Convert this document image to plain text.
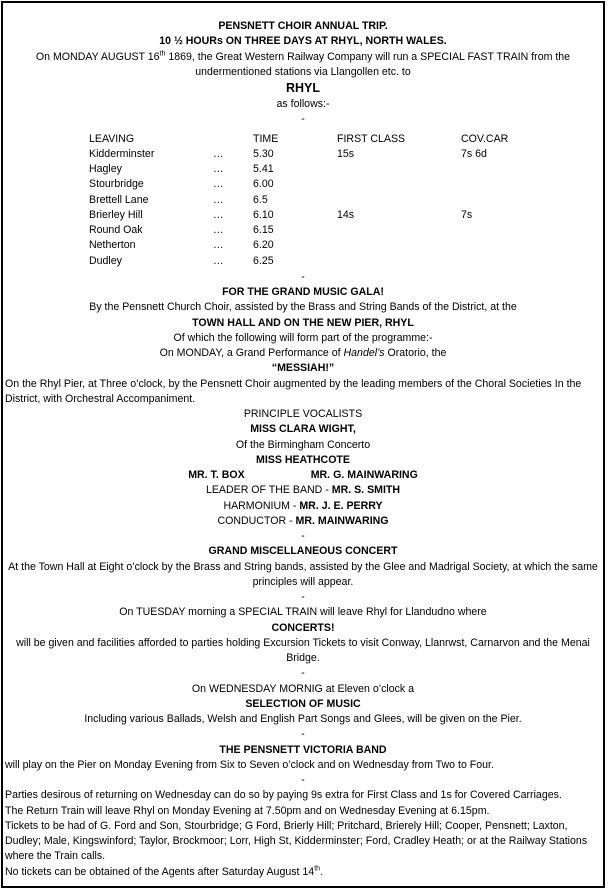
PENSNETT CHOIR ANNUAL TRIP.
10 ½ HOURs ON THREE DAYS AT RHYL, NORTH WALES.
On MONDAY AUGUST 16th 1869, the Great Western Railway Company will run a SPECIAL FAST TRAIN from the undermentioned stations via Llangollen etc. to
RHYL
as follows:-
-
LEAVING		TIME	FIRST CLASS	COV.CAR
Kidderminster	…	5.30	15s	7s 6d
Hagley	…	5.41		
Stourbridge	…	6.00		
Brettell Lane	…	6.5		
Brierley Hill	…	6.10	14s	7s
Round Oak	…	6.15		
Netherton	…	6.20		
Dudley	…	6.25		
-
FOR THE GRAND MUSIC GALA!
By the Pensnett Church Choir, assisted by the Brass and String Bands of the District, at the
TOWN HALL AND ON THE NEW PIER, RHYL
Of which the following will form part of the programme:-
On MONDAY, a Grand Performance of Handel’s Oratorio, the
“MESSIAH!”
On the Rhyl Pier, at Three o’clock, by the Pensnett Choir augmented by the leading members of the Choral Societies In the District, with Orchestral Accompaniment.
PRINCIPLE VOCALISTS
MISS CLARA WIGHT,
Of the Birmingham Concerto
MISS HEATHCOTE
MR. T. BOX	MR. G. MAINWARING
LEADER OF THE BAND - MR. S. SMITH
HARMONIUM - MR. J. E. PERRY
CONDUCTOR - MR. MAINWARING
-
GRAND MISCELLANEOUS CONCERT
At the Town Hall at Eight o’clock by the Brass and String bands, assisted by the Glee and Madrigal Society, at which the same principles will appear.
-
On TUESDAY morning a SPECIAL TRAIN will leave Rhyl for Llandudno where
CONCERTS!
will be given and facilities afforded to parties holding Excursion Tickets to visit Conway, Llanrwst, Carnarvon and the Menai Bridge.
-
On WEDNESDAY MORNIG at Eleven o’clock a
SELECTION OF MUSIC
Including various Ballads, Welsh and English Part Songs and Glees, will be given on the Pier.
-
THE PENSNETT VICTORIA BAND
will play on the Pier on Monday Evening from Six to Seven o’clock and on Wednesday from Two to Four.
-
Parties desirous of returning on Wednesday can do so by paying 9s extra for First Class and 1s for Covered Carriages.
The Return Train will leave Rhyl on Monday Evening at 7.50pm and on Wednesday Evening at 6.15pm.
Tickets to be had of G. Ford and Son, Stourbridge; G Ford, Brierly Hill; Pritchard, Brierely Hill; Cooper, Pensnett; Laxton, Dudley; Male, Kingswinford; Taylor, Brockmoor; Lorr, High St, Kidderminster; Ford, Cradley Heath; or at the Railway Stations where the Train calls.
No tickets can be obtained of the Agents after Saturday August 14th.
